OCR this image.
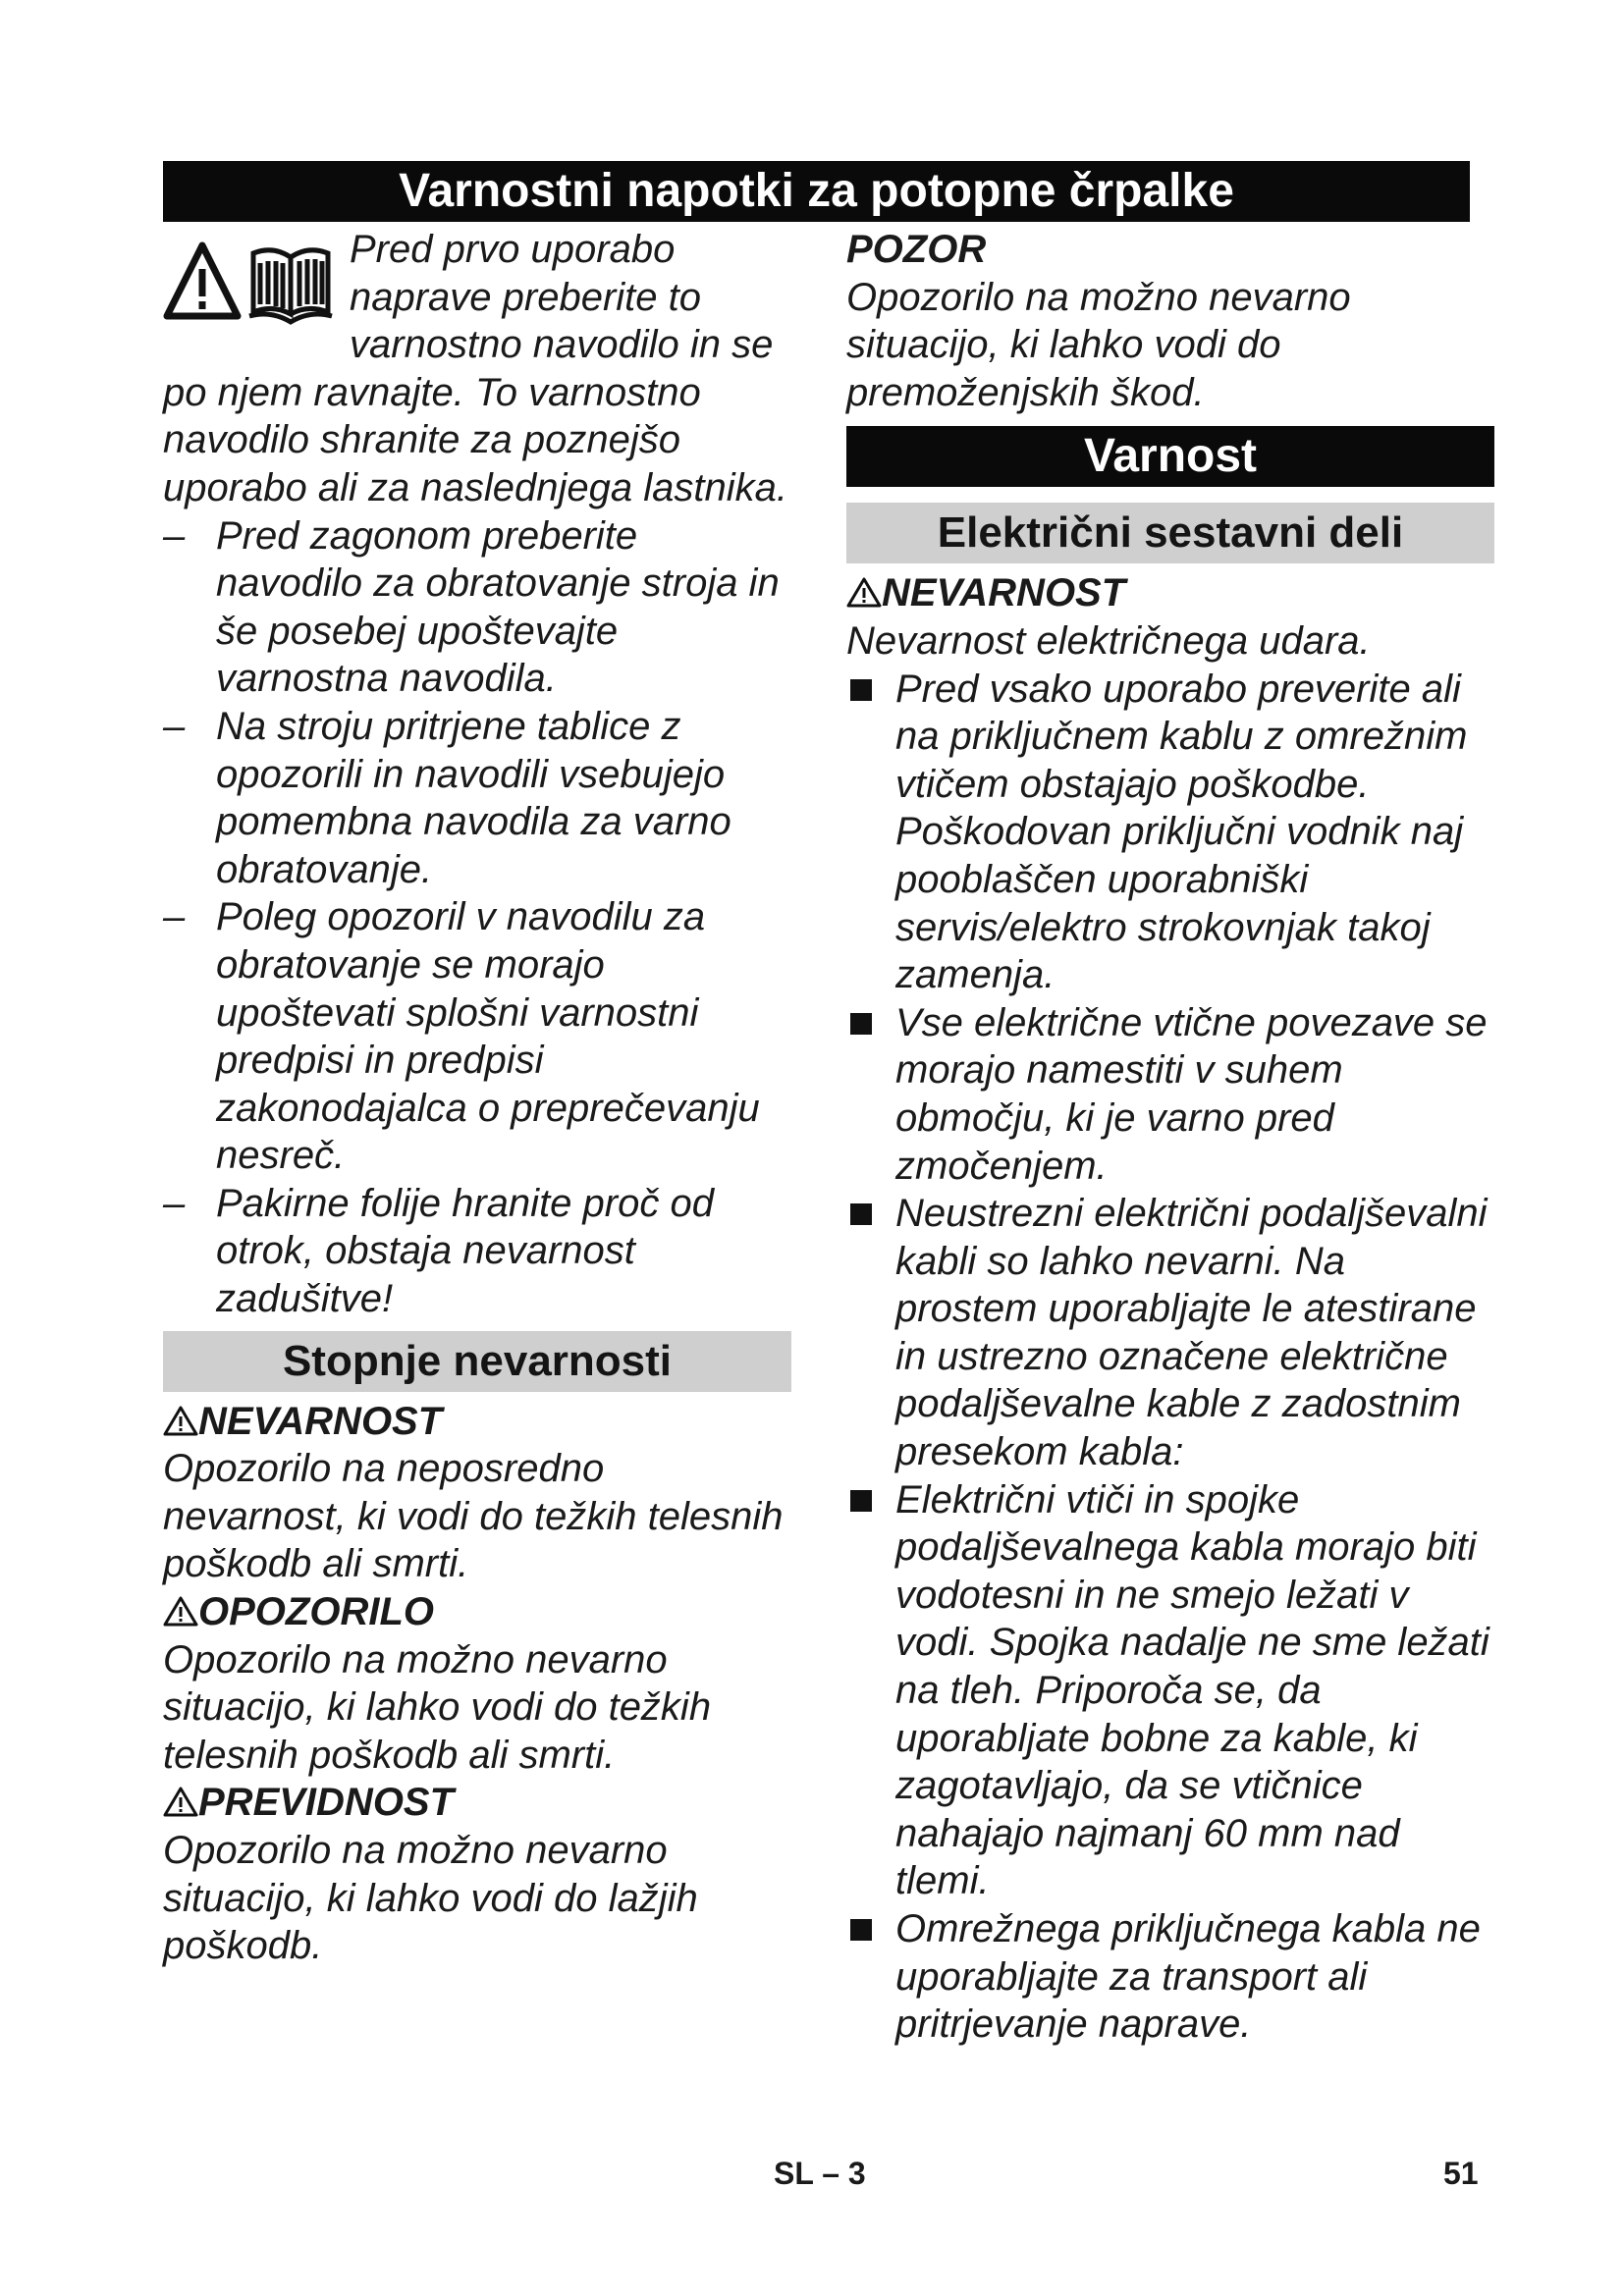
Varnostni napotki za potopne črpalke

Pred prvo uporabo naprave preberite to varnostno navodilo in se po njem ravnajte. To varnostno navodilo shranite za poznejšo uporabo ali za naslednjega lastnika.

– Pred zagonom preberite navodilo za obratovanje stroja in še posebej upoštevajte varnostna navodila.

– Na stroju pritrjene tablice z opozorili in navodili vsebujejo pomembna navodila za varno obratovanje.

– Poleg opozoril v navodilu za obratovanje se morajo upoštevati splošni varnostni predpisi in predpisi zakonodajalca o preprečevanju nesreč.

– Pakirne folije hranite proč od otrok, obstaja nevarnost zadušitve!

Stopnje nevarnosti

NEVARNOST

Opozorilo na neposredno nevarnost, ki vodi do težkih telesnih poškodb ali smrti.

OPOZORILO

Opozorilo na možno nevarno situacijo, ki lahko vodi do težkih telesnih poškodb ali smrti.

PREVIDNOST

Opozorilo na možno nevarno situacijo, ki lahko vodi do lažjih poškodb.

POZOR

Opozorilo na možno nevarno situacijo, ki lahko vodi do premoženjskih škod.

Varnost
Električni sestavni deli

NEVARNOST

Nevarnost električnega udara.

Pred vsako uporabo preverite ali na priključnem kablu z omrežnim vtičem obstajajo poškodbe. Poškodovan priključni vodnik naj pooblaščen uporabniški servis/elektro strokovnjak takoj zamenja.

Vse električne vtične povezave se morajo namestiti v suhem območju, ki je varno pred zmočenjem.

Neustrezni električni podaljševalni kabli so lahko nevarni. Na prostem uporabljajte le atestirane in ustrezno označene električne podaljševalne kable z zadostnim presekom kabla:

Električni vtiči in spojke podaljševalnega kabla morajo biti vodotesni in ne smejo ležati v vodi. Spojka nadalje ne sme ležati na tleh. Priporoča se, da uporabljate bobne za kable, ki zagotavljajo, da se vtičnice nahajajo najmanj 60 mm nad tlemi.

Omrežnega priključnega kabla ne uporabljajte za transport ali pritrjevanje naprave.

SL – 3	51
